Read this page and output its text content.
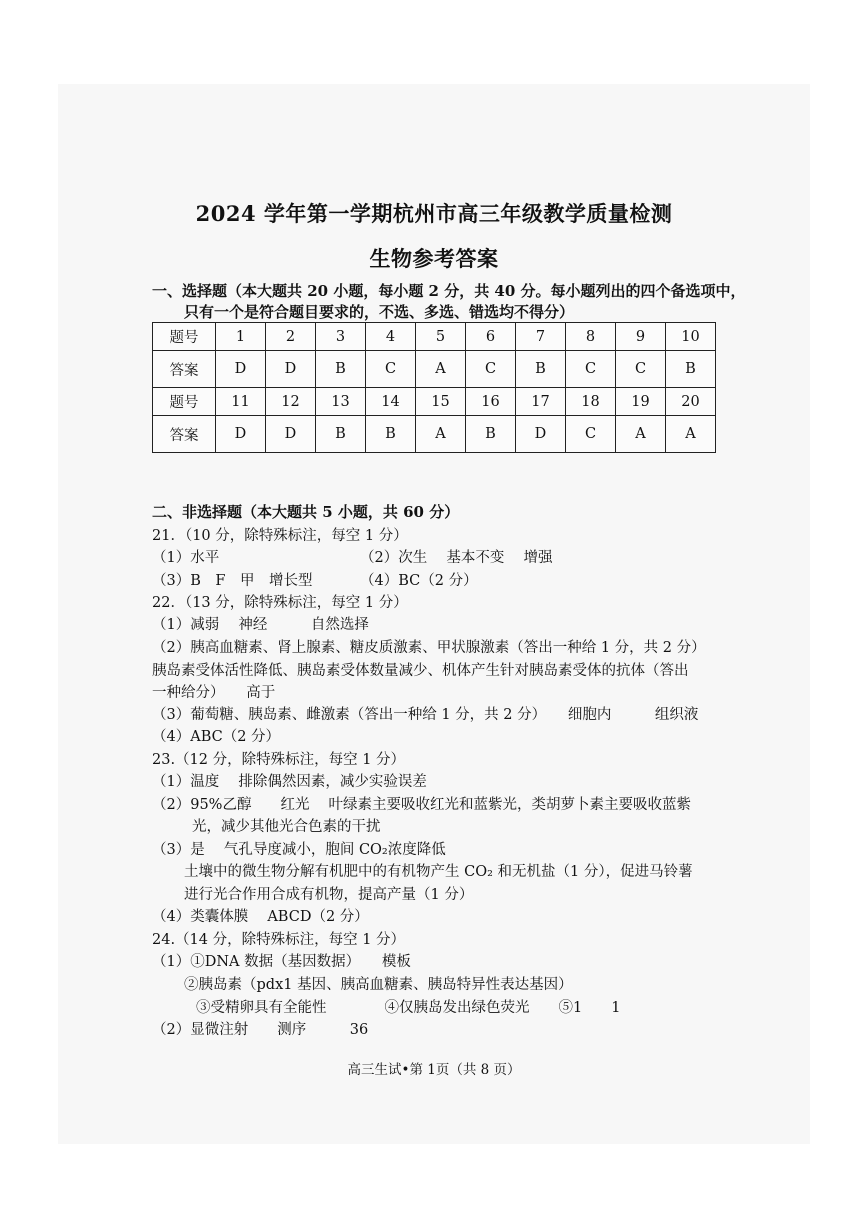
2024 学年第一学期杭州市高三年级教学质量检测
生物参考答案
一、选择题（本大题共 20 小题，每小题 2 分，共 40 分。每小题列出的四个备选项中，
只有一个是符合题目要求的，不选、多选、错选均不得分）
题号	1	2	3	4	5	6	7	8	9	10
答案	D	D	B	C	A	C	B	C	C	B
题号	11	12	13	14	15	16	17	18	19	20
答案	D	D	B	B	A	B	D	C	A	A
二、非选择题（本大题共 5 小题，共 60 分）
21．（10 分，除特殊标注，每空 1 分）
（1）水平	（2）次生　 基本不变　 增强
（3）B　F　甲　增长型	（4）BC（2 分）
22．（13 分，除特殊标注，每空 1 分）
（1）减弱　 神经　　　自然选择
（2）胰高血糖素、肾上腺素、糖皮质激素、甲状腺激素（答出一种给 1 分，共 2 分）
胰岛素受体活性降低、胰岛素受体数量减少、机体产生针对胰岛素受体的抗体（答出
一种给分）　　高于
（3）葡萄糖、胰岛素、雌激素（答出一种给 1 分，共 2 分）　　细胞内　　　组织液
（4）ABC（2 分）
23.（12 分，除特殊标注，每空 1 分）
（1）温度　 排除偶然因素，减少实验误差
（2）95%乙醇　　红光　 叶绿素主要吸收红光和蓝紫光，类胡萝卜素主要吸收蓝紫
光，减少其他光合色素的干扰
（3）是　 气孔导度减小，胞间 CO₂浓度降低
土壤中的微生物分解有机肥中的有机物产生 CO₂ 和无机盐（1 分），促进马铃薯
进行光合作用合成有机物，提高产量（1 分）
（4）类囊体膜　 ABCD（2 分）
24.（14 分，除特殊标注，每空 1 分）
（1）①DNA 数据（基因数据）　　模板
②胰岛素（pdx1 基因、胰高血糖素、胰岛特异性表达基因）
③受精卵具有全能性　　　　④仅胰岛发出绿色荧光　　⑤1　　1
（2）显微注射　　测序　　　36
高三生试•第 1页（共 8 页）
